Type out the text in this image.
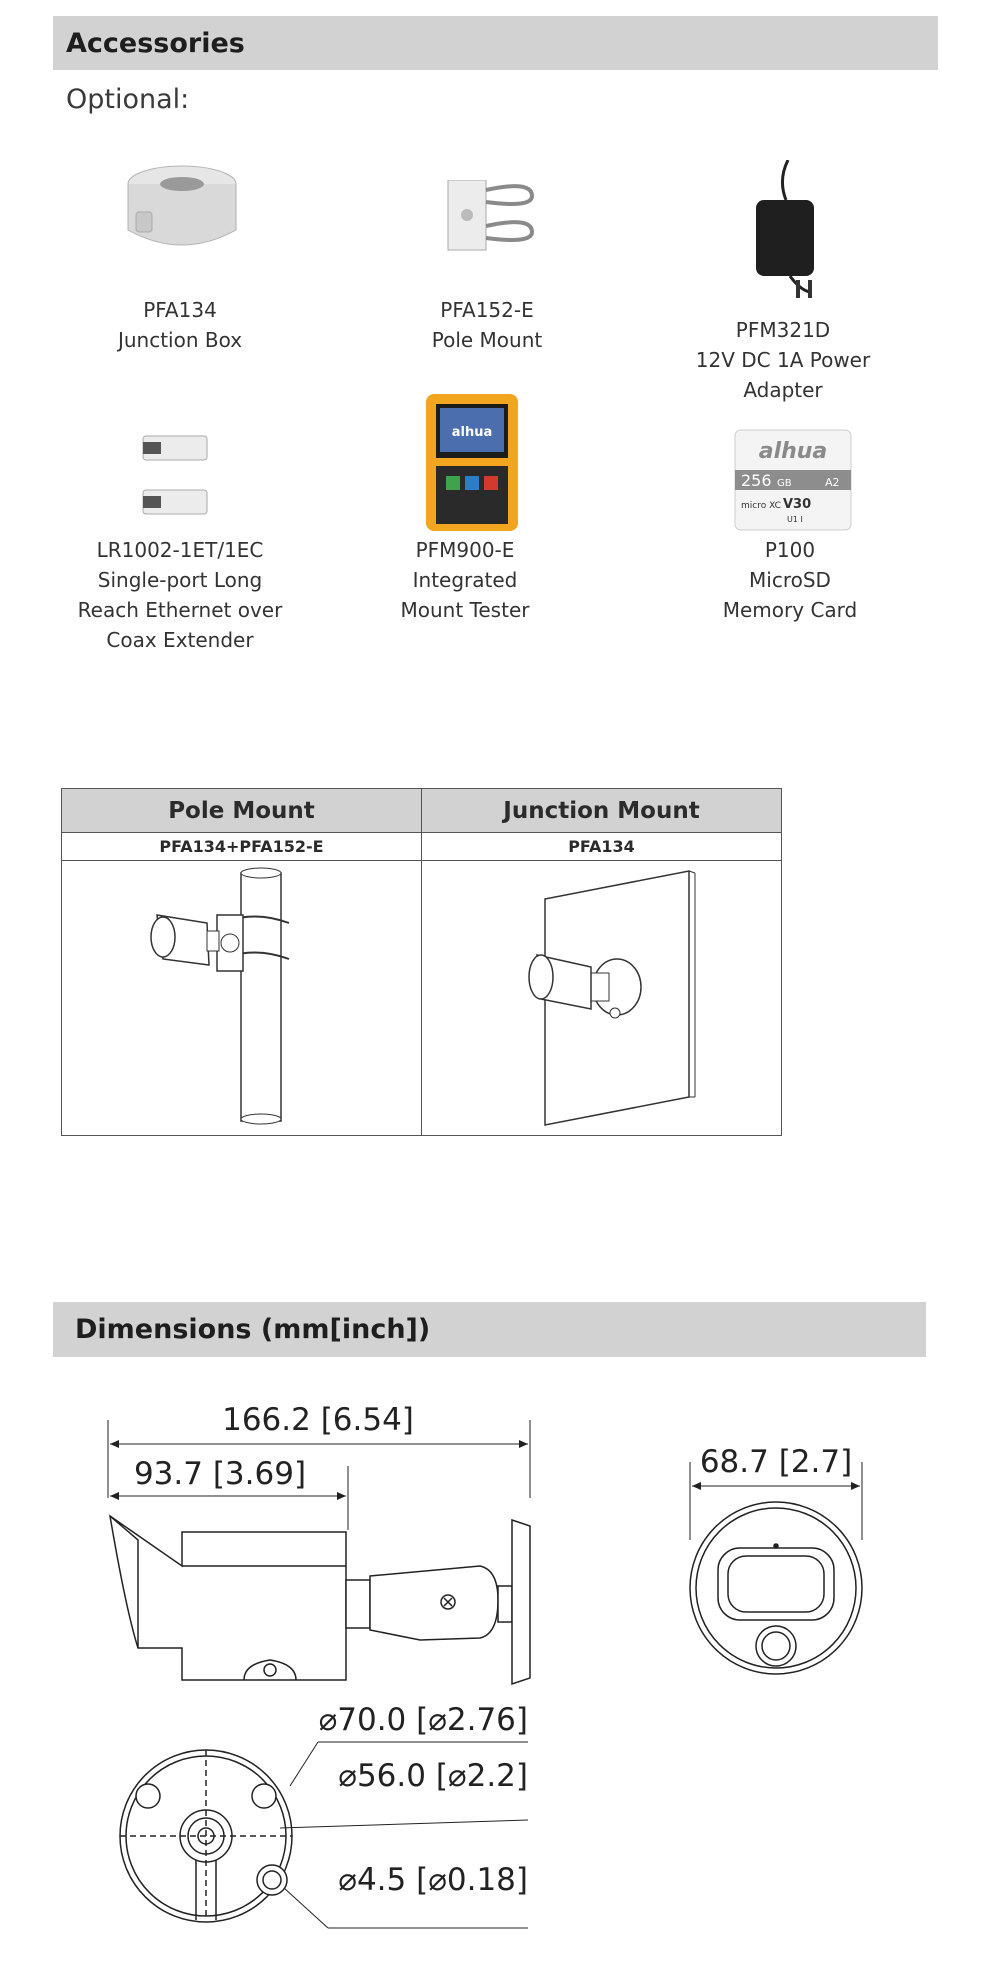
Accessories
Optional:
PFA134
Junction Box
PFA152-E
Pole Mount	PFM321D
12V DC 1A Power Adapter
LR1002-1ET/1EC
Single-port Long Reach Ethernet over Coax Extender
alhua
PFM900-E
Integrated Mount Tester
alhua
256 GB	A2
micro XC V30
U1 I
P100
MicroSD Memory Card
Pole Mount	Junction Mount
PFA134+PFA152-E	PFA134

Dimensions (mm[inch])
166.2 [6.54]
93.7 [3.69]	68.7 [2.7]
⌀70.0 [⌀2.76]
⌀56.0 [⌀2.2]
⌀4.5 [⌀0.18]
